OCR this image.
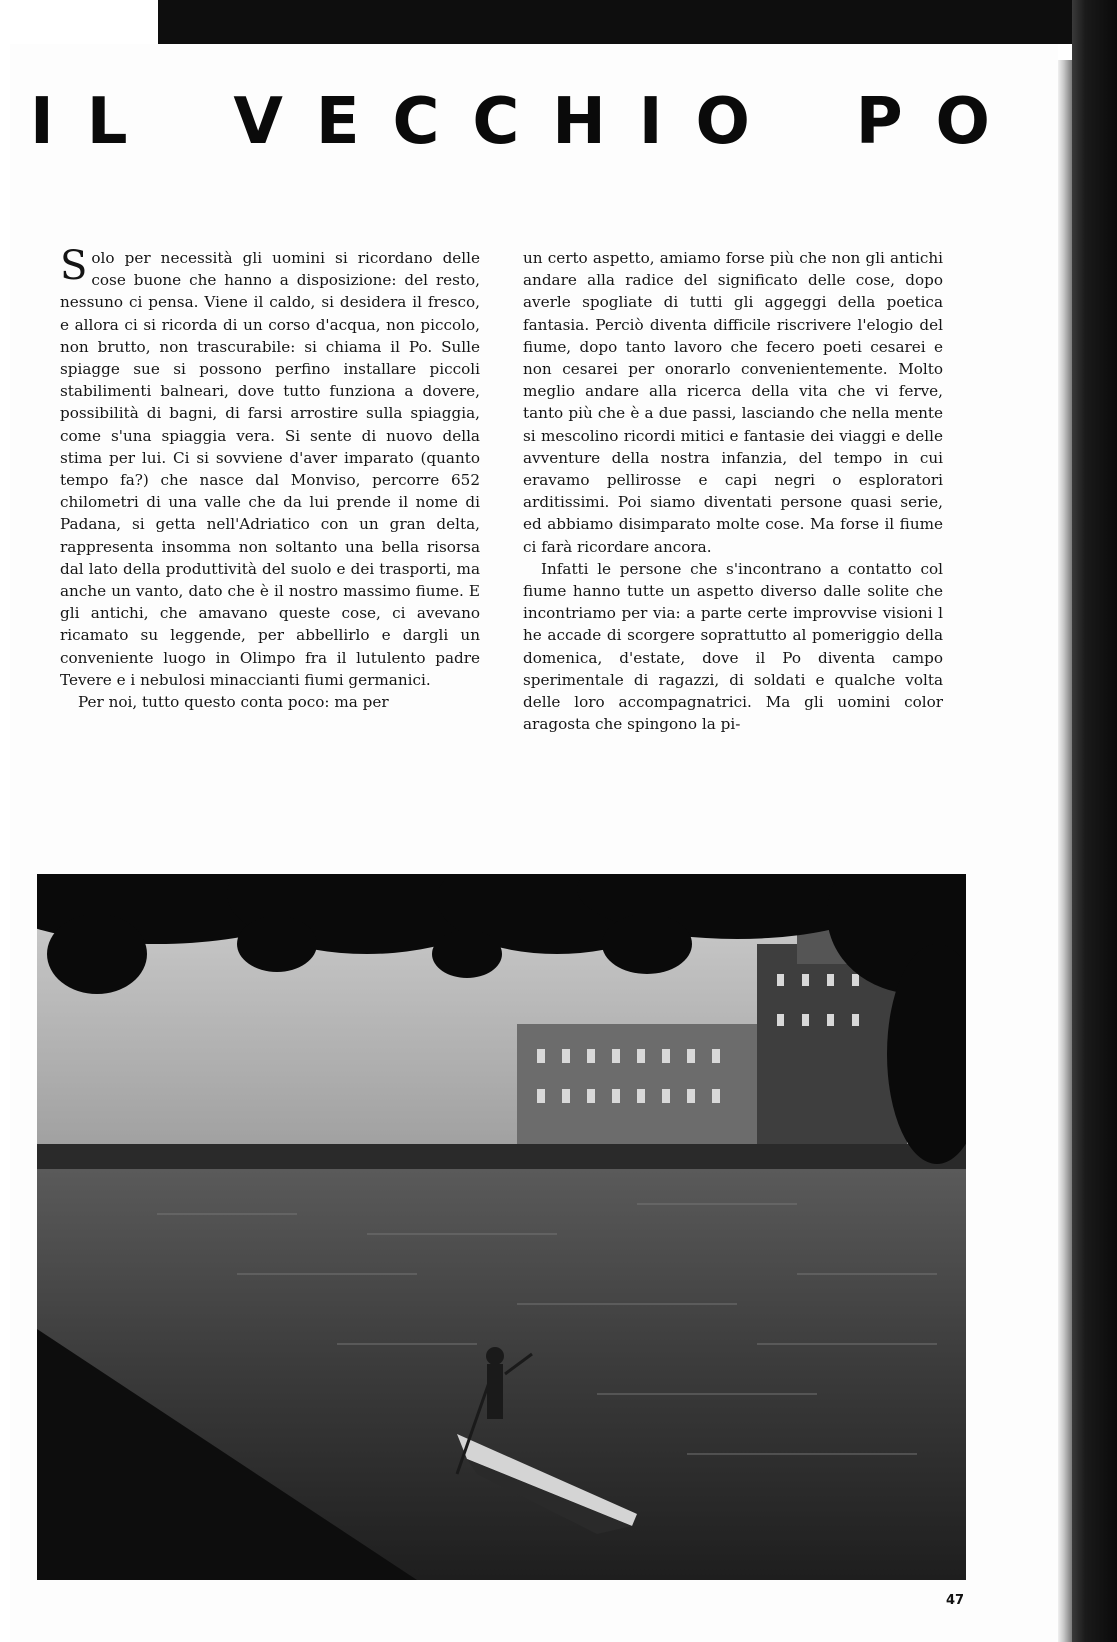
I L V E C C H I O P O

Solo per necessità gli uomini si ricordano delle cose buone che hanno a disposizione: del resto, nessuno ci pensa. Viene il caldo, si desidera il fresco, e allora ci si ricorda di un corso d'acqua, non piccolo, non brutto, non trascurabile: si chiama il Po. Sulle spiagge sue si possono perfino installare piccoli stabilimenti balneari, dove tutto funziona a dovere, possibilità di bagni, di farsi arrostire sulla spiaggia, come s'una spiaggia vera. Si sente di nuovo della stima per lui. Ci si sovviene d'aver imparato (quanto tempo fa?) che nasce dal Monviso, percorre 652 chilometri di una valle che da lui prende il nome di Padana, si getta nell'Adriatico con un gran delta, rappresenta insomma non soltanto una bella risorsa dal lato della produttività del suolo e dei trasporti, ma anche un vanto, dato che è il nostro massimo fiume. E gli antichi, che amavano queste cose, ci avevano ricamato su leggende, per abbellirlo e dargli un conveniente luogo in Olimpo fra il lutulento padre Tevere e i nebulosi minaccianti fiumi germanici.

Per noi, tutto questo conta poco: ma per

un certo aspetto, amiamo forse più che non gli antichi andare alla radice del significato delle cose, dopo averle spogliate di tutti gli aggeggi della poetica fantasia. Perciò diventa difficile riscrivere l'elogio del fiume, dopo tanto lavoro che fecero poeti cesarei e non cesarei per onorarlo convenientemente. Molto meglio andare alla ricerca della vita che vi ferve, tanto più che è a due passi, lasciando che nella mente si mescolino ricordi mitici e fantasie dei viaggi e delle avventure della nostra infanzia, del tempo in cui eravamo pellirosse e capi negri o esploratori arditissimi. Poi siamo diventati persone quasi serie, ed abbiamo disimparato molte cose. Ma forse il fiume ci farà ricordare ancora.

Infatti le persone che s'incontrano a contatto col fiume hanno tutte un aspetto diverso dalle solite che incontriamo per via: a parte certe improvvise visioni l he accade di scorgere soprattutto al pomeriggio della domenica, d'estate, dove il Po diventa campo sperimentale di ragazzi, di soldati e qualche volta delle loro accompagnatrici. Ma gli uomini color aragosta che spingono la pi-

47
